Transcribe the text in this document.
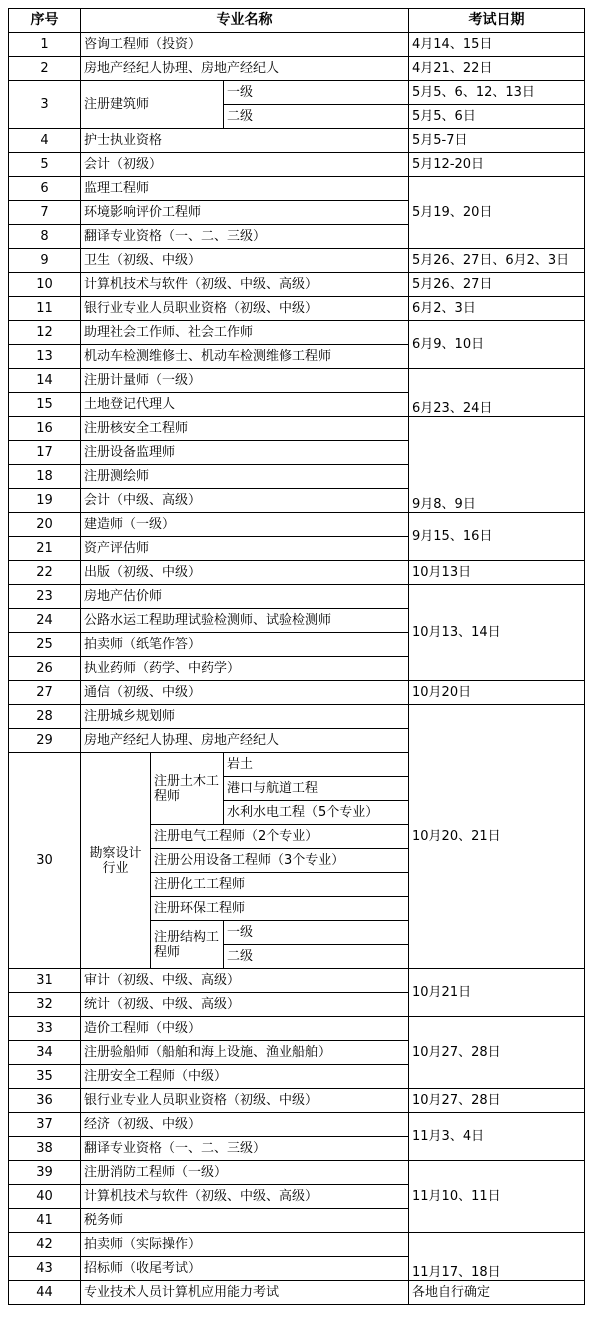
序号	专业名称			考试日期	
1	咨询工程师（投资）			4月14、15日	
2	房地产经纪人协理、房地产经纪人			4月21、22日	
3	注册建筑师		一级	5月5、6、12、13日	
			二级	5月5、6日	
4	护士执业资格			5月5-7日	
5	会计（初级）			5月12-20日	
6	监理工程师			5月19、20日	
7	环境影响评价工程师				
8	翻译专业资格（一、二、三级）				
9	卫生（初级、中级）			5月26、27日、6月2、3日	

10	计算机技术与软件（初级、中级、高级）			5月26、27日	
11	银行业专业人员职业资格（初级、中级）			6月2、3日	
12	助理社会工作师、社会工作师			6月9、10日	
13	机动车检测维修士、机动车检测维修工程师				
14	注册计量师（一级）			6月23、24日	
15	土地登记代理人				
16	注册核安全工程师			9月8、9日	
17	注册设备监理师				
18	注册测绘师				
19	会计（中级、高级）				
20	建造师（一级）			9月15、16日	
21	资产评估师				
22	出版（初级、中级）			10月13日	
23	房地产估价师			10月13、14日	
24	公路水运工程助理试验检测师、试验检测师				
25	拍卖师（纸笔作答）				
26	执业药师（药学、中药学）				
27	通信（初级、中级）			10月20日	
28	注册城乡规划师			10月20、21日	
29	房地产经纪人协理、房地产经纪人				
30	勘察设计行业	注册土木工程师	岩土		
			港口与航道工程		
			水利水电工程（5个专业）		
		注册电气工程师（2个专业）			
		注册公用设备工程师（3个专业）			
		注册化工工程师			
		注册环保工程师			
		注册结构工程师	一级		
			二级	
31	审计（初级、中级、高级）			10月21日	
32	统计（初级、中级、高级）				
33	造价工程师（中级）			10月27、28日	
34	注册验船师（船舶和海上设施、渔业船舶）				
35	注册安全工程师（中级）				
36	银行业专业人员职业资格（初级、中级）			10月27、28日	
37	经济（初级、中级）			11月3、4日	
38	翻译专业资格（一、二、三级）				
39	注册消防工程师（一级）			11月10、11日	
40	计算机技术与软件（初级、中级、高级）				
41	税务师				
42	拍卖师（实际操作）			11月17、18日	
43	招标师（收尾考试）				
44	专业技术人员计算机应用能力考试			各地自行确定	
